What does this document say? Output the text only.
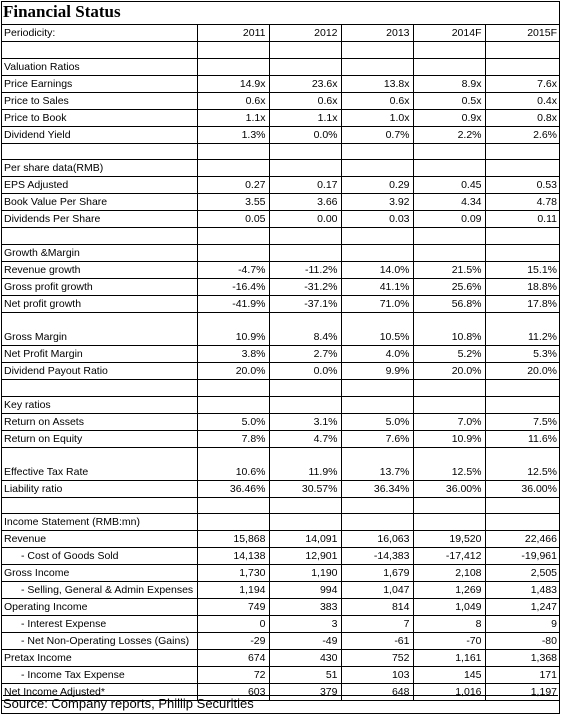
Financial Status
Periodicity:	2011	2012	2013	2014F	2015F

Valuation Ratios					
Price Earnings	14.9x	23.6x	13.8x	8.9x	7.6x
Price to Sales	0.6x	0.6x	0.6x	0.5x	0.4x
Price to Book	1.1x	1.1x	1.0x	0.9x	0.8x
Dividend Yield	1.3%	0.0%	0.7%	2.2%	2.6%

Per share data(RMB)					
EPS Adjusted	0.27	0.17	0.29	0.45	0.53
Book Value Per Share	3.55	3.66	3.92	4.34	4.78
Dividends Per Share	0.05	0.00	0.03	0.09	0.11

Growth &Margin					
Revenue growth	-4.7%	-11.2%	14.0%	21.5%	15.1%
Gross profit growth	-16.4%	-31.2%	41.1%	25.6%	18.8%
Net profit growth	-41.9%	-37.1%	71.0%	56.8%	17.8%

Gross Margin	10.9%	8.4%	10.5%	10.8%	11.2%
Net Profit Margin	3.8%	2.7%	4.0%	5.2%	5.3%
Dividend Payout Ratio	20.0%	0.0%	9.9%	20.0%	20.0%

Key ratios					
Return on Assets	5.0%	3.1%	5.0%	7.0%	7.5%
Return on Equity	7.8%	4.7%	7.6%	10.9%	11.6%

Effective Tax Rate	10.6%	11.9%	13.7%	12.5%	12.5%
Liability ratio	36.46%	30.57%	36.34%	36.00%	36.00%

Income Statement (RMB:mn)					
Revenue	15,868	14,091	16,063	19,520	22,466
- Cost of Goods Sold	14,138	12,901	-14,383	-17,412	-19,961
Gross Income	1,730	1,190	1,679	2,108	2,505
- Selling, General & Admin Expenses	1,194	994	1,047	1,269	1,483
Operating Income	749	383	814	1,049	1,247
- Interest Expense	0	3	7	8	9
- Net Non-Operating Losses (Gains)	-29	-49	-61	-70	-80
Pretax Income	674	430	752	1,161	1,368
- Income Tax Expense	72	51	103	145	171
Net Income Adjusted*	603	379	648	1,016	1,197
Source: Company reports, Phillip Securities
